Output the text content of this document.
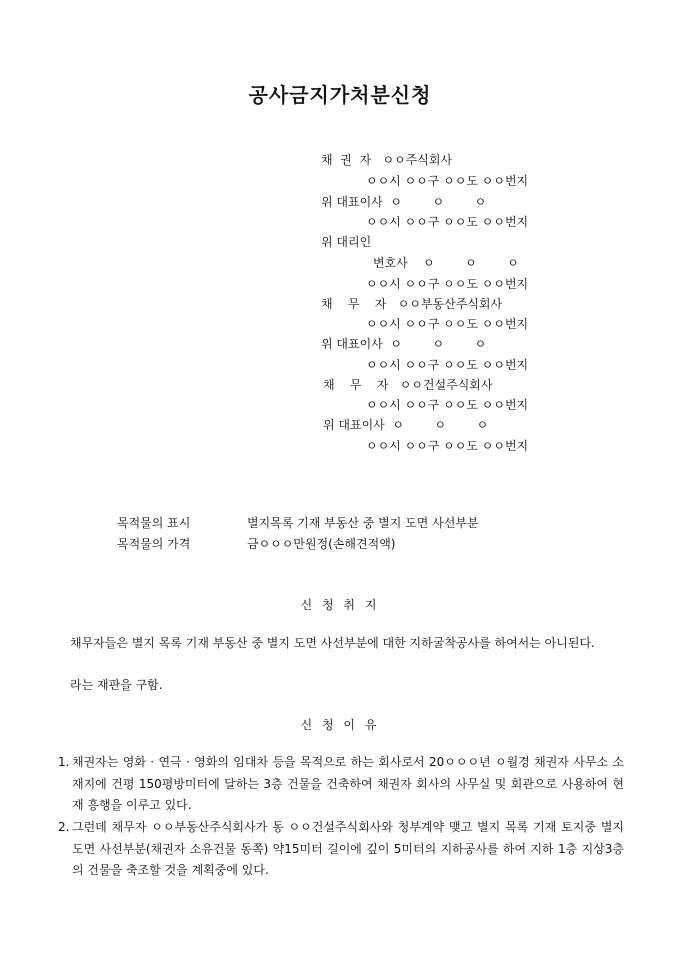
공사금지가처분신청
채  권  자   ㅇㅇ주식회사
ㅇㅇ시 ㅇㅇ구 ㅇㅇ도 ㅇㅇ번지
위 대표이사  ㅇ        ㅇ        ㅇ
ㅇㅇ시 ㅇㅇ구 ㅇㅇ도 ㅇㅇ번지
위 대리인
변호사    ㅇ        ㅇ        ㅇ
ㅇㅇ시 ㅇㅇ구 ㅇㅇ도 ㅇㅇ번지
채    무    자   ㅇㅇ부동산주식회사
ㅇㅇ시 ㅇㅇ구 ㅇㅇ도 ㅇㅇ번지
위 대표이사  ㅇ        ㅇ        ㅇ
ㅇㅇ시 ㅇㅇ구 ㅇㅇ도 ㅇㅇ번지
채    무    자   ㅇㅇ건설주식회사
ㅇㅇ시 ㅇㅇ구 ㅇㅇ도 ㅇㅇ번지
위 대표이사  ㅇ        ㅇ        ㅇ
ㅇㅇ시 ㅇㅇ구 ㅇㅇ도 ㅇㅇ번지
목적물의 표시	별지목록 기재 부동산 중 별지 도면 사선부분
목적물의 가격	금ㅇㅇㅇ만원정(손해견적액)
신 청 취 지
채무자들은 별지 목록 기재 부동산 중 별지 도면 사선부분에 대한 지하굴착공사를 하여서는 아니된다.
라는 재판을 구함.
신 청 이 유
1. 채권자는 영화 · 연극 · 영화의 임대차 등을 목적으로 하는 회사로서 20ㅇㅇㅇ년 ㅇ월경 채권자 사무소 소재지에 건평 150평방미터에 달하는 3층 건물을 건축하여 채권자 회사의 사무실 및 회관으로 사용하여 현재 흥행을 이루고 있다.
2. 그런데 채무자 ㅇㅇ부동산주식회사가 동 ㅇㅇ건설주식회사와 청부계약 맺고 별지 목록 기재 토지중 별지 도면 사선부분(채권자 소유건물 동쪽) 약15미터 길이에 깊이 5미터의 지하공사를 하여 지하 1층 지상3층의 건물을 축조할 것을 계획중에 있다.
